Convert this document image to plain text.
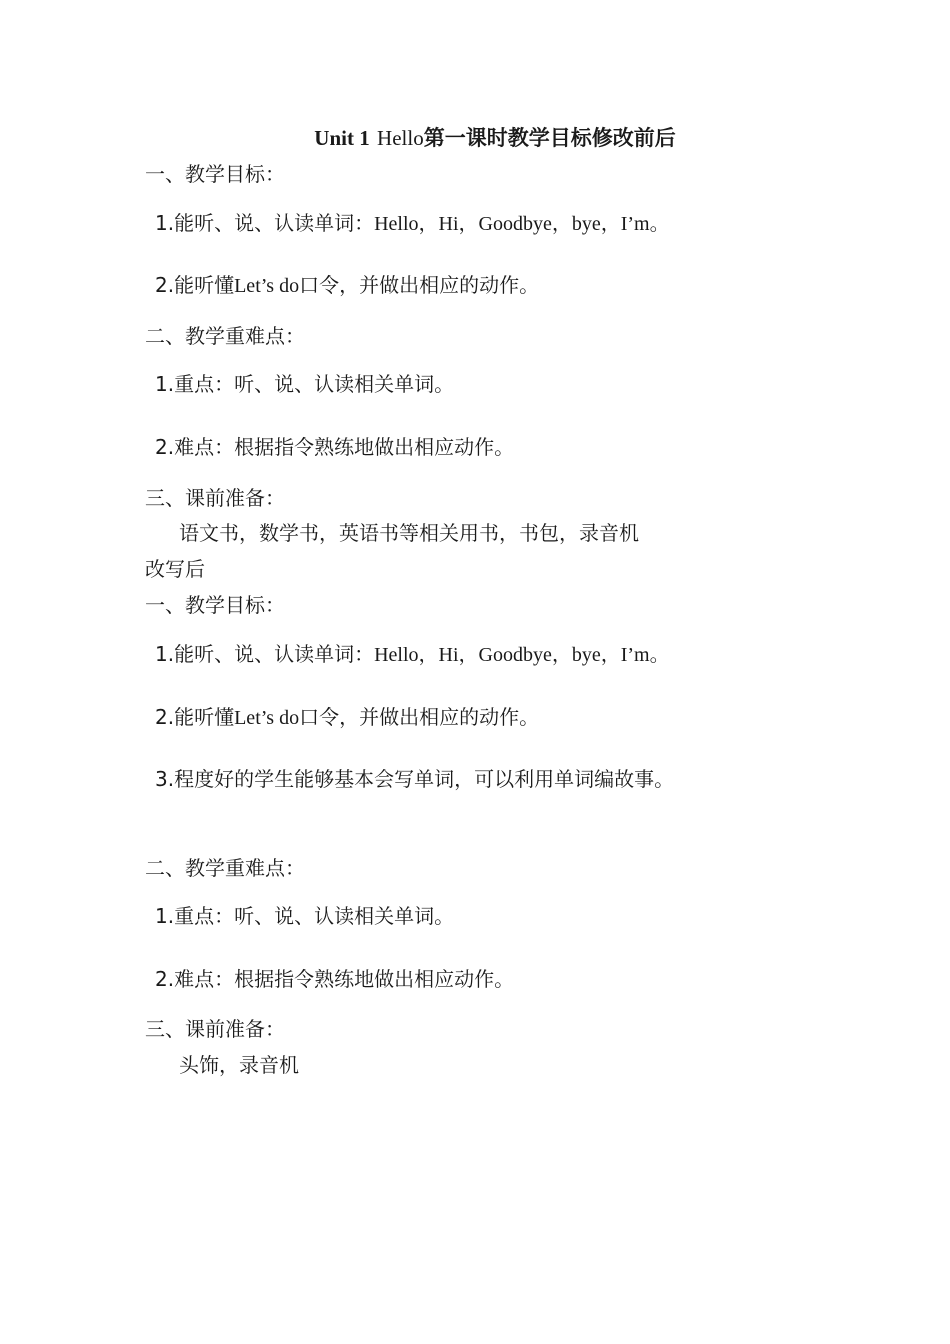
Unit 1 Hello第一课时教学目标修改前后
一、教学目标：
1.能听、说、认读单词：Hello，Hi，Goodbye，bye，I’m。
2.能听懂Let’s do口令，并做出相应的动作。
二、教学重难点：
1.重点：听、说、认读相关单词。
2.难点：根据指令熟练地做出相应动作。
三、课前准备：
语文书，数学书，英语书等相关用书，书包，录音机
改写后
一、教学目标：
1.能听、说、认读单词：Hello，Hi，Goodbye，bye，I’m。
2.能听懂Let’s do口令，并做出相应的动作。
3.程度好的学生能够基本会写单词，可以利用单词编故事。
二、教学重难点：
1.重点：听、说、认读相关单词。
2.难点：根据指令熟练地做出相应动作。
三、课前准备：
头饰，录音机
